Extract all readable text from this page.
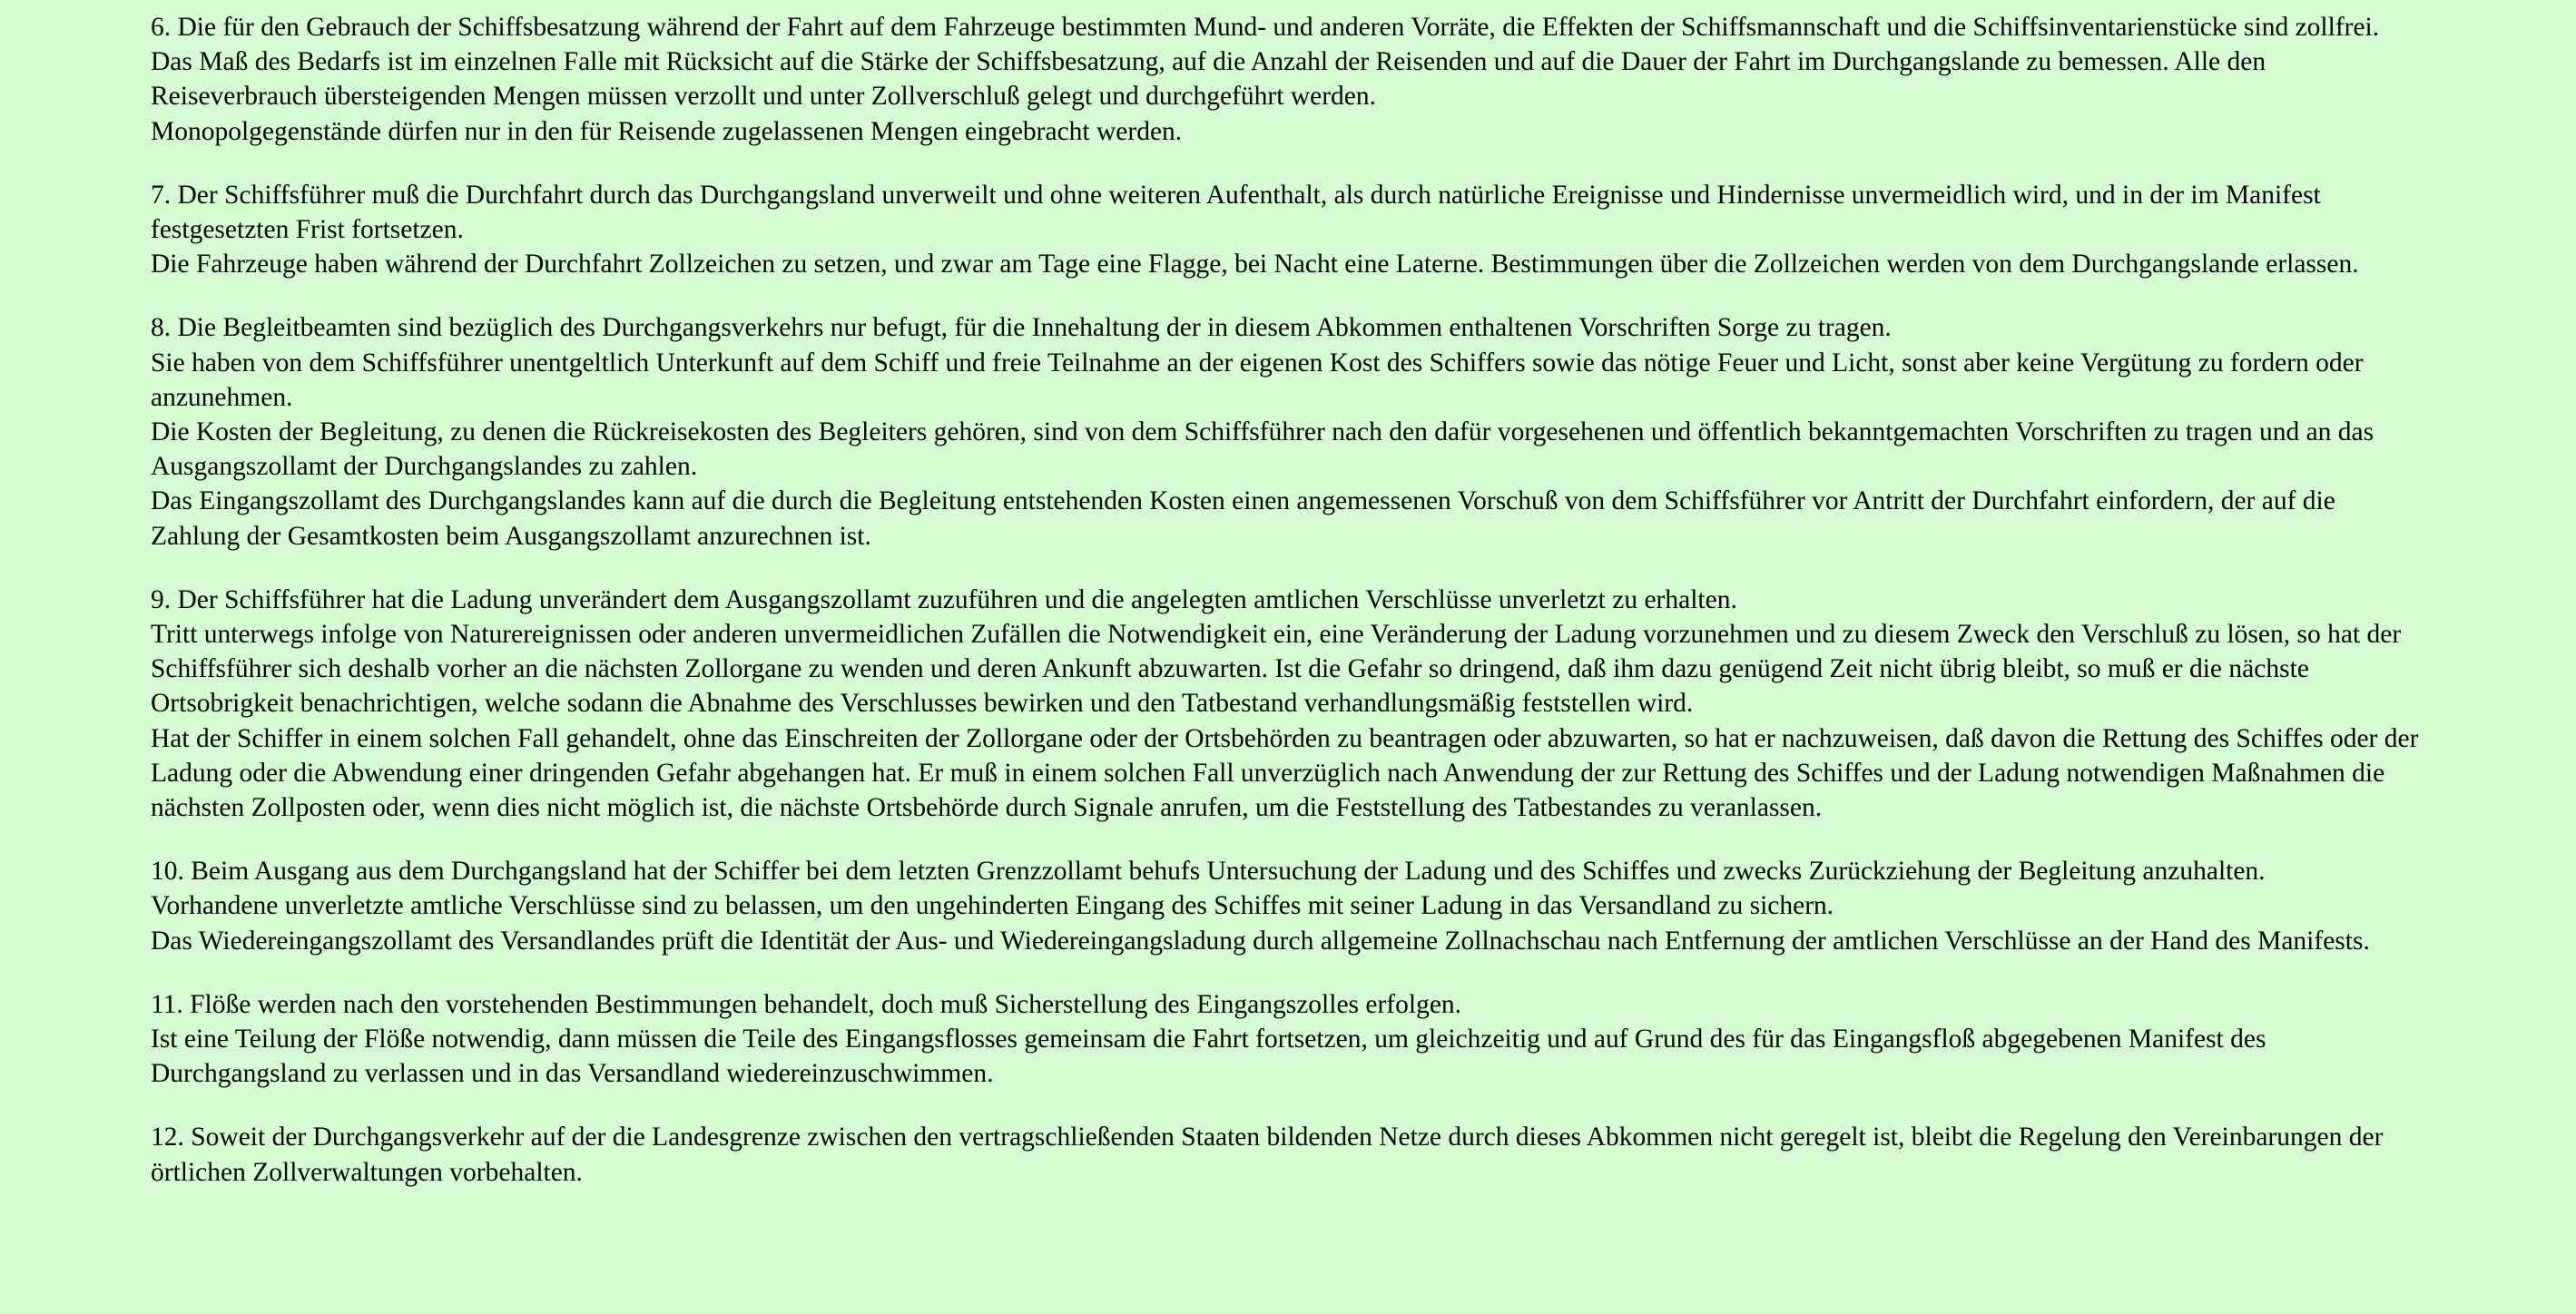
6. Die für den Gebrauch der Schiffsbesatzung während der Fahrt auf dem Fahrzeuge bestimmten Mund- und anderen Vorräte, die Effekten der Schiffsmannschaft und die Schiffsinventarienstücke sind zollfrei. Das Maß des Bedarfs ist im einzelnen Falle mit Rücksicht auf die Stärke der Schiffsbesatzung, auf die Anzahl der Reisenden und auf die Dauer der Fahrt im Durchgangslande zu bemessen. Alle den Reiseverbrauch übersteigenden Mengen müssen verzollt und unter Zollverschluß gelegt und durchgeführt werden.

Monopolgegenstände dürfen nur in den für Reisende zugelassenen Mengen eingebracht werden.

7. Der Schiffsführer muß die Durchfahrt durch das Durchgangsland unverweilt und ohne weiteren Aufenthalt, als durch natürliche Ereignisse und Hindernisse unvermeidlich wird, und in der im Manifest festgesetzten Frist fortsetzen.

Die Fahrzeuge haben während der Durchfahrt Zollzeichen zu setzen, und zwar am Tage eine Flagge, bei Nacht eine Laterne. Bestimmungen über die Zollzeichen werden von dem Durchgangslande erlassen.

8. Die Begleitbeamten sind bezüglich des Durchgangsverkehrs nur befugt, für die Innehaltung der in diesem Abkommen enthaltenen Vorschriften Sorge zu tragen.

Sie haben von dem Schiffsführer unentgeltlich Unterkunft auf dem Schiff und freie Teilnahme an der eigenen Kost des Schiffers sowie das nötige Feuer und Licht, sonst aber keine Vergütung zu fordern oder anzunehmen.

Die Kosten der Begleitung, zu denen die Rückreisekosten des Begleiters gehören, sind von dem Schiffsführer nach den dafür vorgesehenen und öffentlich bekanntgemachten Vorschriften zu tragen und an das Ausgangszollamt der Durchgangslandes zu zahlen.

Das Eingangszollamt des Durchgangslandes kann auf die durch die Begleitung entstehenden Kosten einen angemessenen Vorschuß von dem Schiffsführer vor Antritt der Durchfahrt einfordern, der auf die Zahlung der Gesamtkosten beim Ausgangszollamt anzurechnen ist.

9. Der Schiffsführer hat die Ladung unverändert dem Ausgangszollamt zuzuführen und die angelegten amtlichen Verschlüsse unverletzt zu erhalten.

Tritt unterwegs infolge von Naturereignissen oder anderen unvermeidlichen Zufällen die Notwendigkeit ein, eine Veränderung der Ladung vorzunehmen und zu diesem Zweck den Verschluß zu lösen, so hat der Schiffsführer sich deshalb vorher an die nächsten Zollorgane zu wenden und deren Ankunft abzuwarten. Ist die Gefahr so dringend, daß ihm dazu genügend Zeit nicht übrig bleibt, so muß er die nächste Ortsobrigkeit benachrichtigen, welche sodann die Abnahme des Verschlusses bewirken und den Tatbestand verhandlungsmäßig feststellen wird.

Hat der Schiffer in einem solchen Fall gehandelt, ohne das Einschreiten der Zollorgane oder der Ortsbehörden zu beantragen oder abzuwarten, so hat er nachzuweisen, daß davon die Rettung des Schiffes oder der Ladung oder die Abwendung einer dringenden Gefahr abgehangen hat. Er muß in einem solchen Fall unverzüglich nach Anwendung der zur Rettung des Schiffes und der Ladung notwendigen Maßnahmen die nächsten Zollposten oder, wenn dies nicht möglich ist, die nächste Ortsbehörde durch Signale anrufen, um die Feststellung des Tatbestandes zu veranlassen.

10. Beim Ausgang aus dem Durchgangsland hat der Schiffer bei dem letzten Grenzzollamt behufs Untersuchung der Ladung und des Schiffes und zwecks Zurückziehung der Begleitung anzuhalten.

Vorhandene unverletzte amtliche Verschlüsse sind zu belassen, um den ungehinderten Eingang des Schiffes mit seiner Ladung in das Versandland zu sichern.

Das Wiedereingangszollamt des Versandlandes prüft die Identität der Aus- und Wiedereingangsladung durch allgemeine Zollnachschau nach Entfernung der amtlichen Verschlüsse an der Hand des Manifests.

11. Flöße werden nach den vorstehenden Bestimmungen behandelt, doch muß Sicherstellung des Eingangszolles erfolgen.

Ist eine Teilung der Flöße notwendig, dann müssen die Teile des Eingangsflosses gemeinsam die Fahrt fortsetzen, um gleichzeitig und auf Grund des für das Eingangsfloß abgegebenen Manifest des Durchgangsland zu verlassen und in das Versandland wiedereinzuschwimmen.

12. Soweit der Durchgangsverkehr auf der die Landesgrenze zwischen den vertragschließenden Staaten bildenden Netze durch dieses Abkommen nicht geregelt ist, bleibt die Regelung den Vereinbarungen der örtlichen Zollverwaltungen vorbehalten.
